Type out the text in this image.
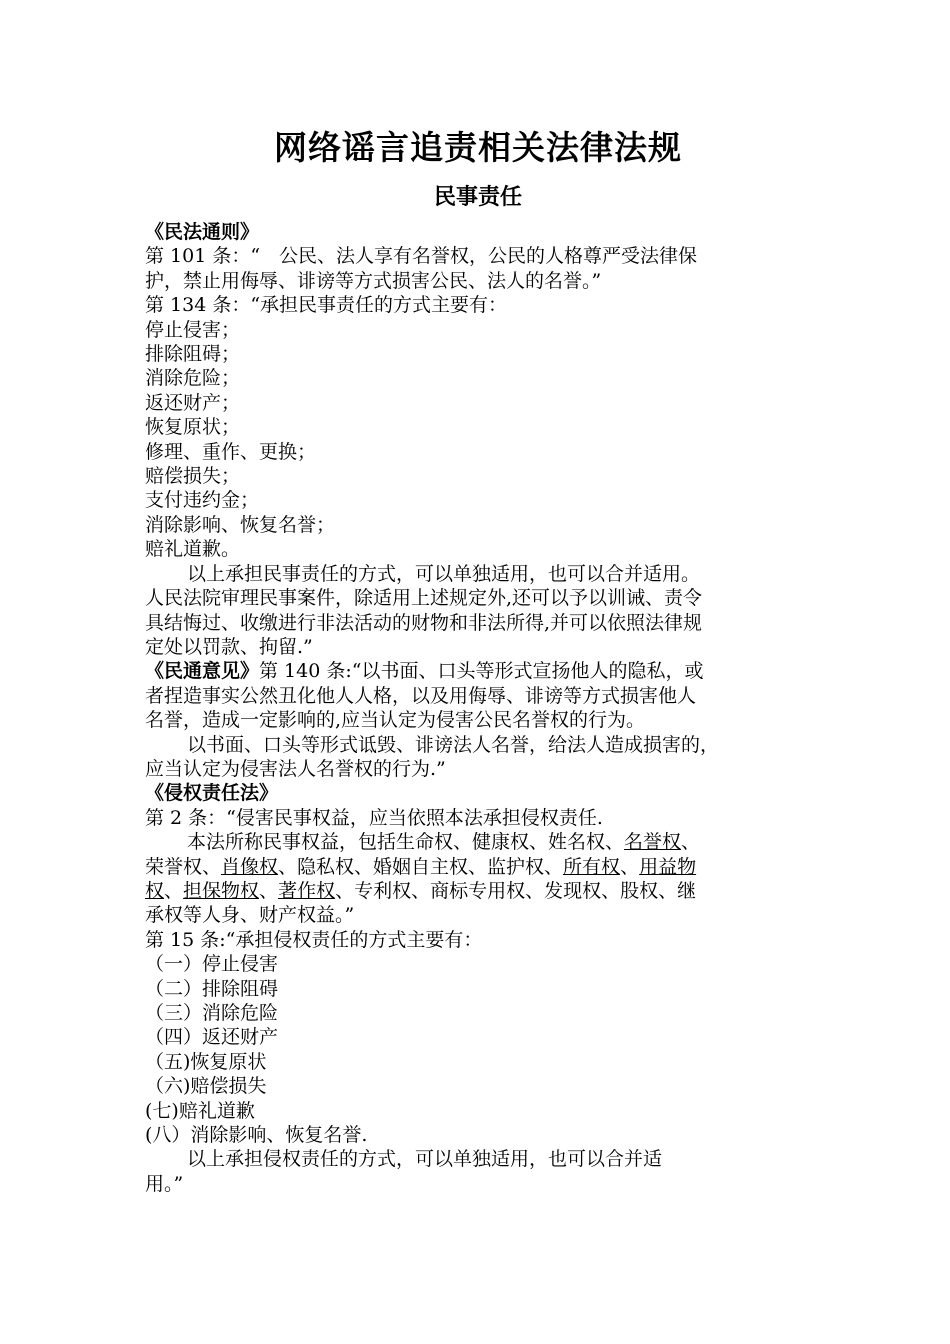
网络谣言追责相关法律法规
民事责任
《民法通则》
第 101 条：“　公民、法人享有名誉权，公民的人格尊严受法律保
护，禁止用侮辱、诽谤等方式损害公民、法人的名誉。”
第 134 条：“承担民事责任的方式主要有：
停止侵害；
排除阻碍；
消除危险；
返还财产；
恢复原状；
修理、重作、更换；
赔偿损失；
支付违约金；
消除影响、恢复名誉；
赔礼道歉。
以上承担民事责任的方式，可以单独适用，也可以合并适用。
人民法院审理民事案件，除适用上述规定外,还可以予以训诫、责令
具结悔过、收缴进行非法活动的财物和非法所得,并可以依照法律规
定处以罚款、拘留.”
《民通意见》第 140 条:“以书面、口头等形式宣扬他人的隐私，或
者捏造事实公然丑化他人人格，以及用侮辱、诽谤等方式损害他人
名誉，造成一定影响的,应当认定为侵害公民名誉权的行为。
以书面、口头等形式诋毁、诽谤法人名誉，给法人造成损害的，
应当认定为侵害法人名誉权的行为.”
《侵权责任法》
第 2 条：“侵害民事权益，应当依照本法承担侵权责任.
本法所称民事权益，包括生命权、健康权、姓名权、名誉权、
荣誉权、肖像权、隐私权、婚姻自主权、监护权、所有权、用益物
权、担保物权、著作权、专利权、商标专用权、发现权、股权、继
承权等人身、财产权益。”
第 15 条:“承担侵权责任的方式主要有：
（一）停止侵害
（二）排除阻碍
（三）消除危险
（四）返还财产
（五)恢复原状
（六)赔偿损失
(七)赔礼道歉
(八）消除影响、恢复名誉.
以上承担侵权责任的方式，可以单独适用，也可以合并适
用。”
